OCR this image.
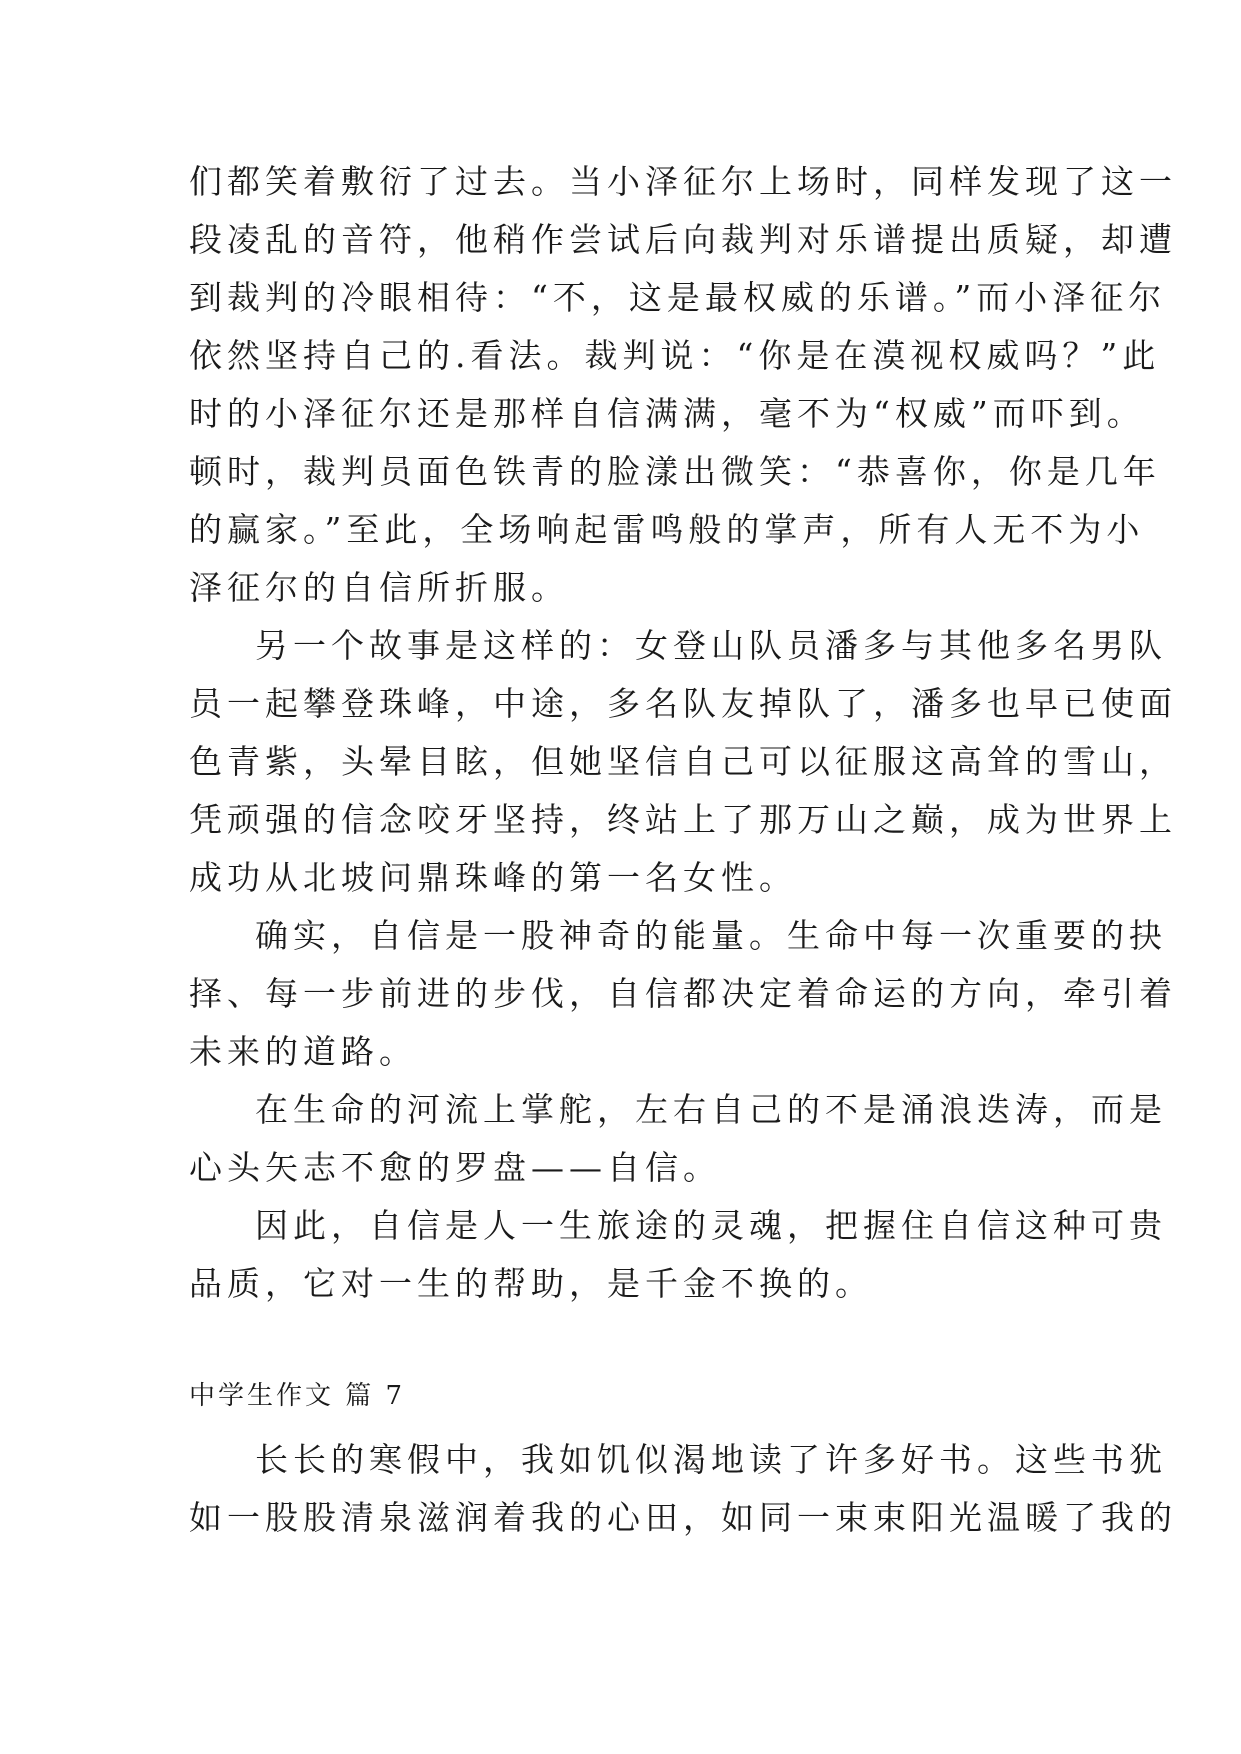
们都笑着敷衍了过去。当小泽征尔上场时，同样发现了这一
段凌乱的音符，他稍作尝试后向裁判对乐谱提出质疑，却遭
到裁判的冷眼相待：“不，这是最权威的乐谱。”而小泽征尔
依然坚持自己的.看法。裁判说：“你是在漠视权威吗？”此
时的小泽征尔还是那样自信满满，毫不为“权威”而吓到。
顿时，裁判员面色铁青的脸漾出微笑：“恭喜你，你是几年
的赢家。”至此，全场响起雷鸣般的掌声，所有人无不为小
泽征尔的自信所折服。
另一个故事是这样的：女登山队员潘多与其他多名男队
员一起攀登珠峰，中途，多名队友掉队了，潘多也早已使面
色青紫，头晕目眩，但她坚信自己可以征服这高耸的雪山，
凭顽强的信念咬牙坚持，终站上了那万山之巅，成为世界上
成功从北坡问鼎珠峰的第一名女性。
确实，自信是一股神奇的能量。生命中每一次重要的抉
择、每一步前进的步伐，自信都决定着命运的方向，牵引着
未来的道路。
在生命的河流上掌舵，左右自己的不是涌浪迭涛，而是
心头矢志不愈的罗盘——自信。
因此，自信是人一生旅途的灵魂，把握住自信这种可贵
品质，它对一生的帮助，是千金不换的。
中学生作文 篇 7
长长的寒假中，我如饥似渴地读了许多好书。这些书犹
如一股股清泉滋润着我的心田，如同一束束阳光温暖了我的
